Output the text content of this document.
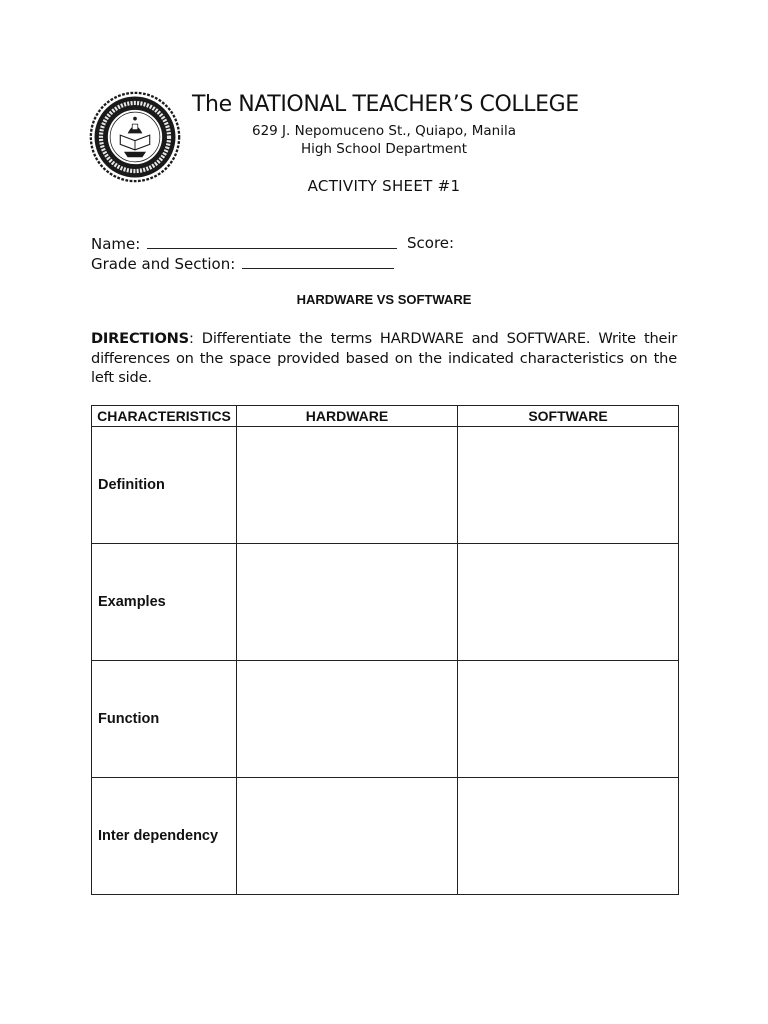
The NATIONAL TEACHER’S COLLEGE
629 J. Nepomuceno St., Quiapo, Manila
High School Department
ACTIVITY SHEET #1
Name:	Score:
Grade and Section:
HARDWARE VS SOFTWARE
DIRECTIONS: Differentiate the terms HARDWARE and SOFTWARE. Write their differences on the space provided based on the indicated characteristics on the left side.
CHARACTERISTICS	HARDWARE	SOFTWARE
Definition		
Examples		
Function		
Inter dependency		
